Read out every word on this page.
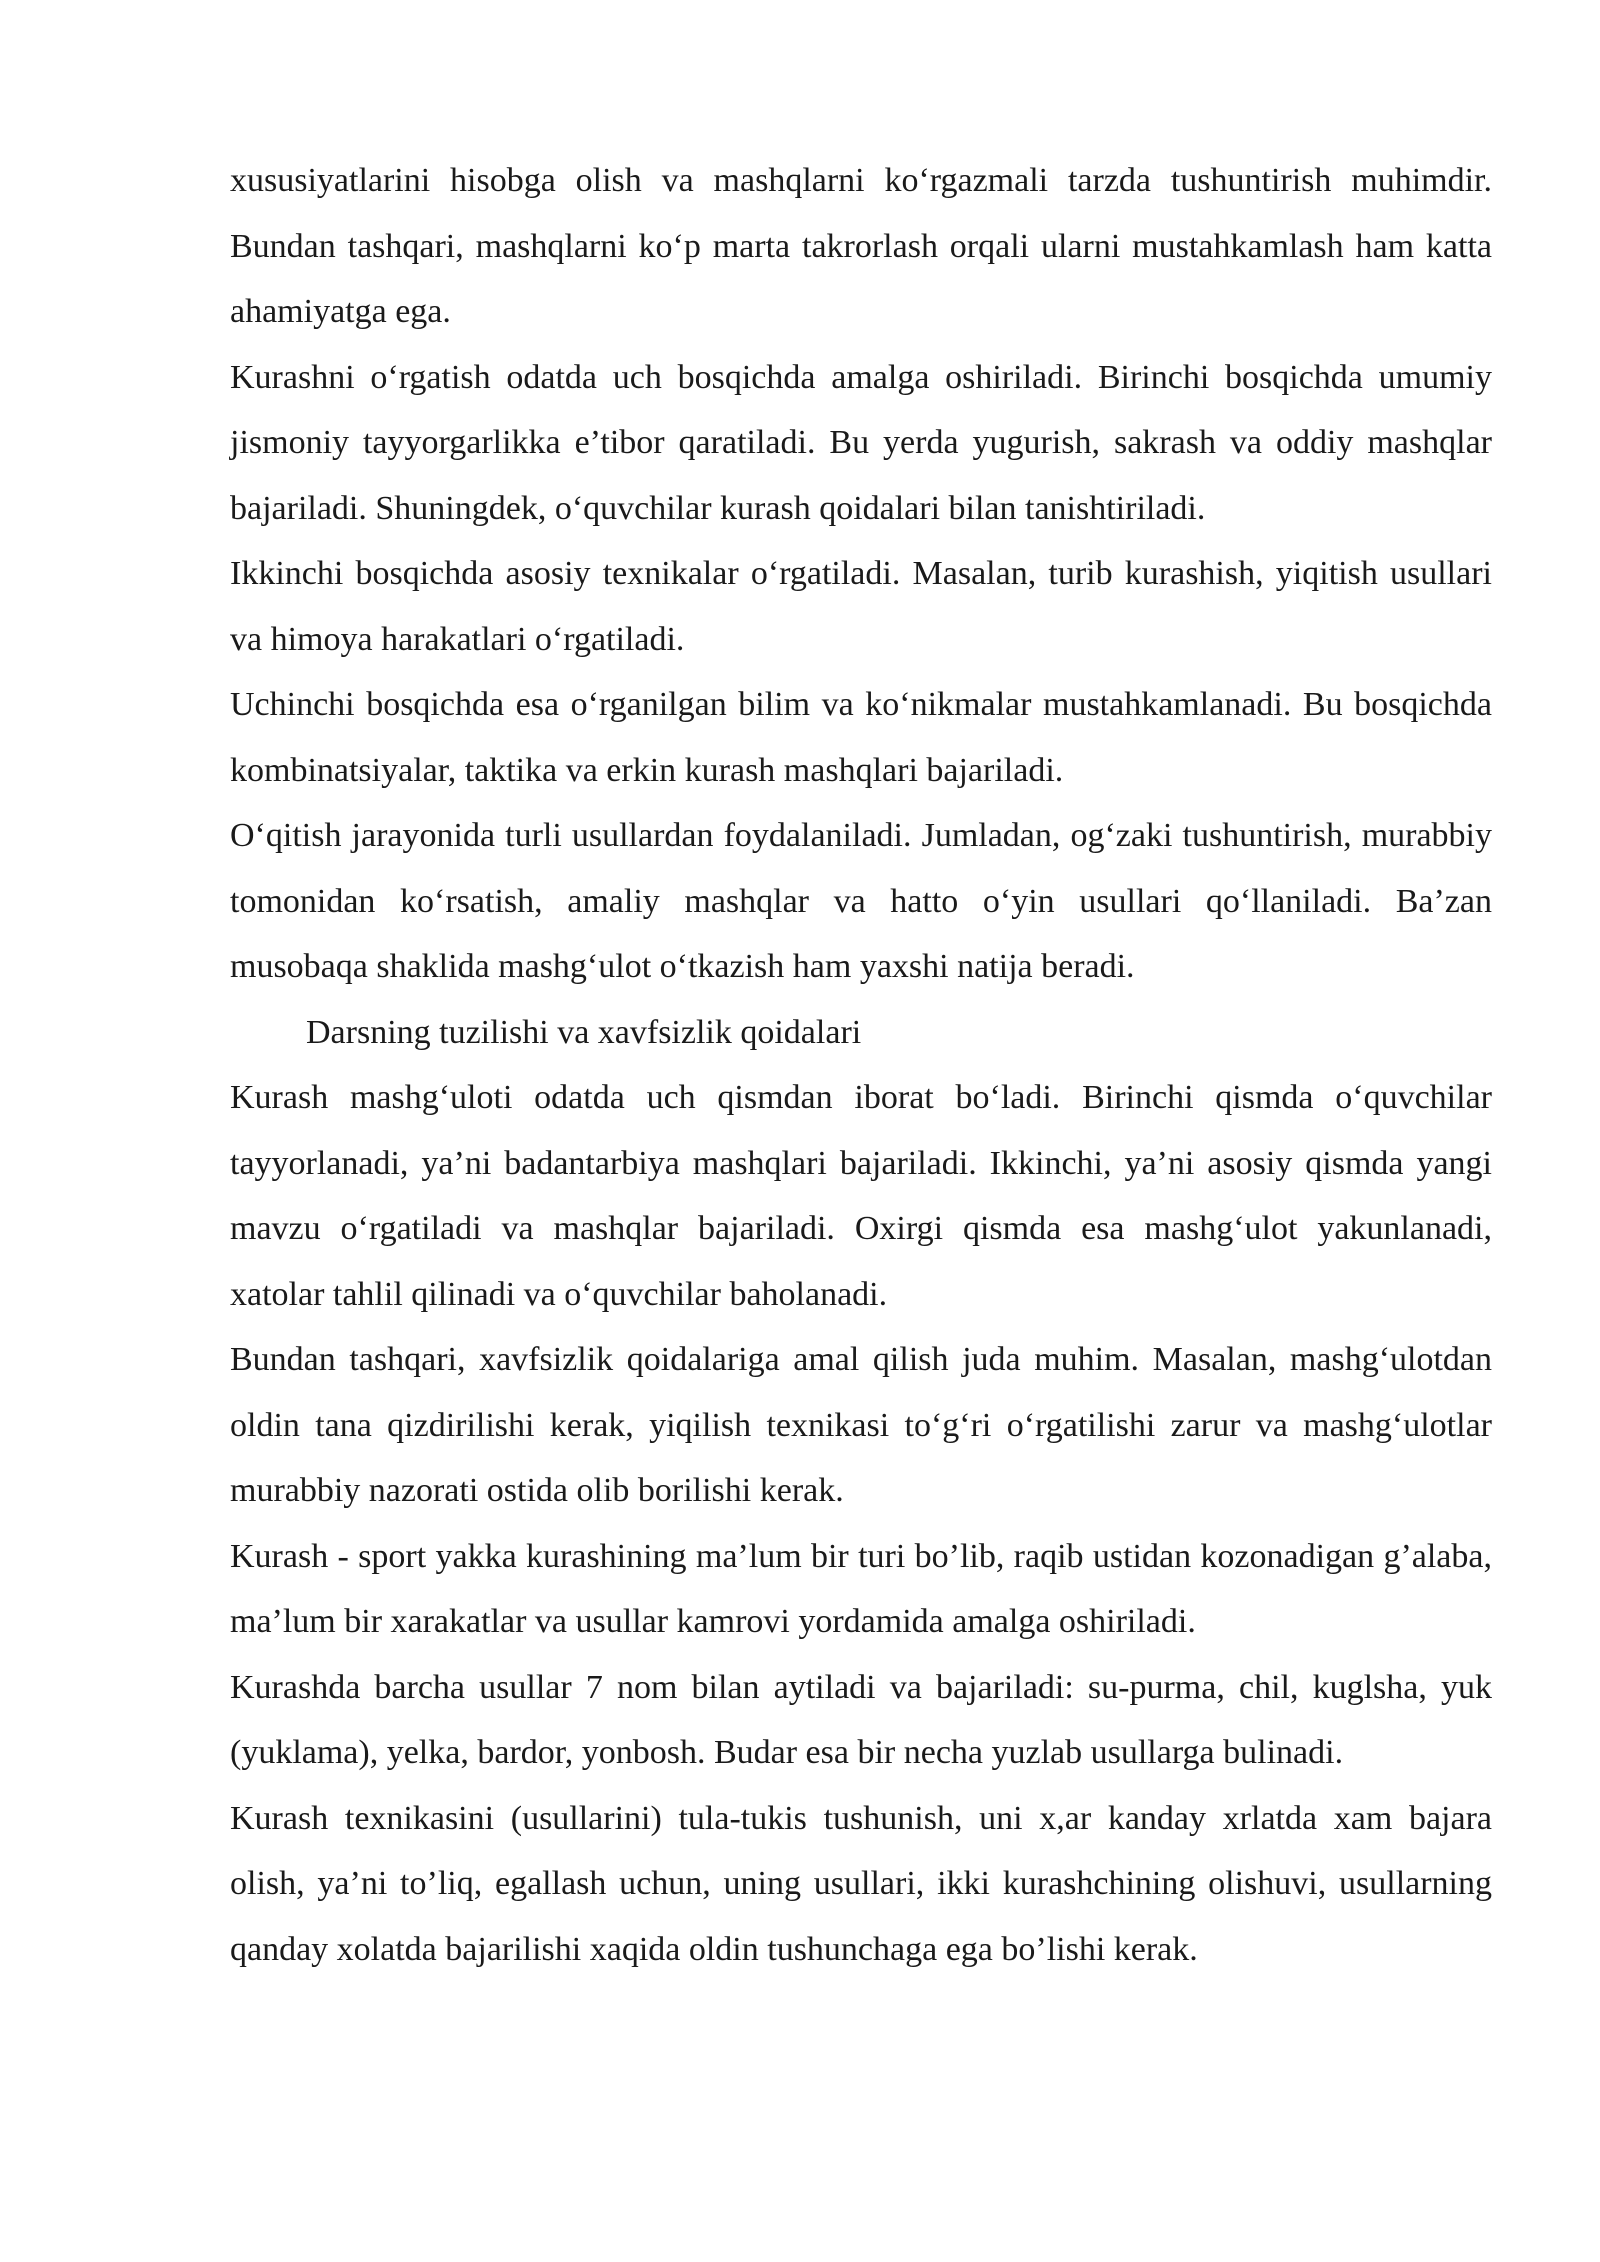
xususiyatlarini hisobga olish va mashqlarni ko‘rgazmali tarzda tushuntirish muhimdir. Bundan tashqari, mashqlarni ko‘p marta takrorlash orqali ularni mustahkamlash ham katta ahamiyatga ega.

Kurashni o‘rgatish odatda uch bosqichda amalga oshiriladi. Birinchi bosqichda umumiy jismoniy tayyorgarlikka e’tibor qaratiladi. Bu yerda yugurish, sakrash va oddiy mashqlar bajariladi. Shuningdek, o‘quvchilar kurash qoidalari bilan tanishtiriladi.

Ikkinchi bosqichda asosiy texnikalar o‘rgatiladi. Masalan, turib kurashish, yiqitish usullari va himoya harakatlari o‘rgatiladi.

Uchinchi bosqichda esa o‘rganilgan bilim va ko‘nikmalar mustahkamlanadi. Bu bosqichda kombinatsiyalar, taktika va erkin kurash mashqlari bajariladi.

O‘qitish jarayonida turli usullardan foydalaniladi. Jumladan, og‘zaki tushuntirish, murabbiy tomonidan ko‘rsatish, amaliy mashqlar va hatto o‘yin usullari qo‘llaniladi. Ba’zan musobaqa shaklida mashg‘ulot o‘tkazish ham yaxshi natija beradi.

Darsning tuzilishi va xavfsizlik qoidalari

Kurash mashg‘uloti odatda uch qismdan iborat bo‘ladi. Birinchi qismda o‘quvchilar tayyorlanadi, ya’ni badantarbiya mashqlari bajariladi. Ikkinchi, ya’ni asosiy qismda yangi mavzu o‘rgatiladi va mashqlar bajariladi. Oxirgi qismda esa mashg‘ulot yakunlanadi, xatolar tahlil qilinadi va o‘quvchilar baholanadi.

Bundan tashqari, xavfsizlik qoidalariga amal qilish juda muhim. Masalan, mashg‘ulotdan oldin tana qizdirilishi kerak, yiqilish texnikasi to‘g‘ri o‘rgatilishi zarur va mashg‘ulotlar murabbiy nazorati ostida olib borilishi kerak.

Kurash - sport yakka kurashining ma’lum bir turi bo’lib, raqib ustidan kozonadigan g’alaba, ma’lum bir xarakatlar va usullar kamrovi yordamida amalga oshiriladi.

Kurashda barcha usullar 7 nom bilan aytiladi va bajariladi: su-purma, chil, kuglsha, yuk (yuklama), yelka, bardor, yonbosh. Budar esa bir necha yuzlab usullarga bulinadi.

Kurash texnikasini (usullarini) tula-tukis tushunish, uni x,ar kanday xrlatda xam bajara olish, ya’ni to’liq, egallash uchun, uning usullari, ikki kurashchining olishuvi, usullarning qanday xolatda bajarilishi xaqida oldin tushunchaga ega bo’lishi kerak.
